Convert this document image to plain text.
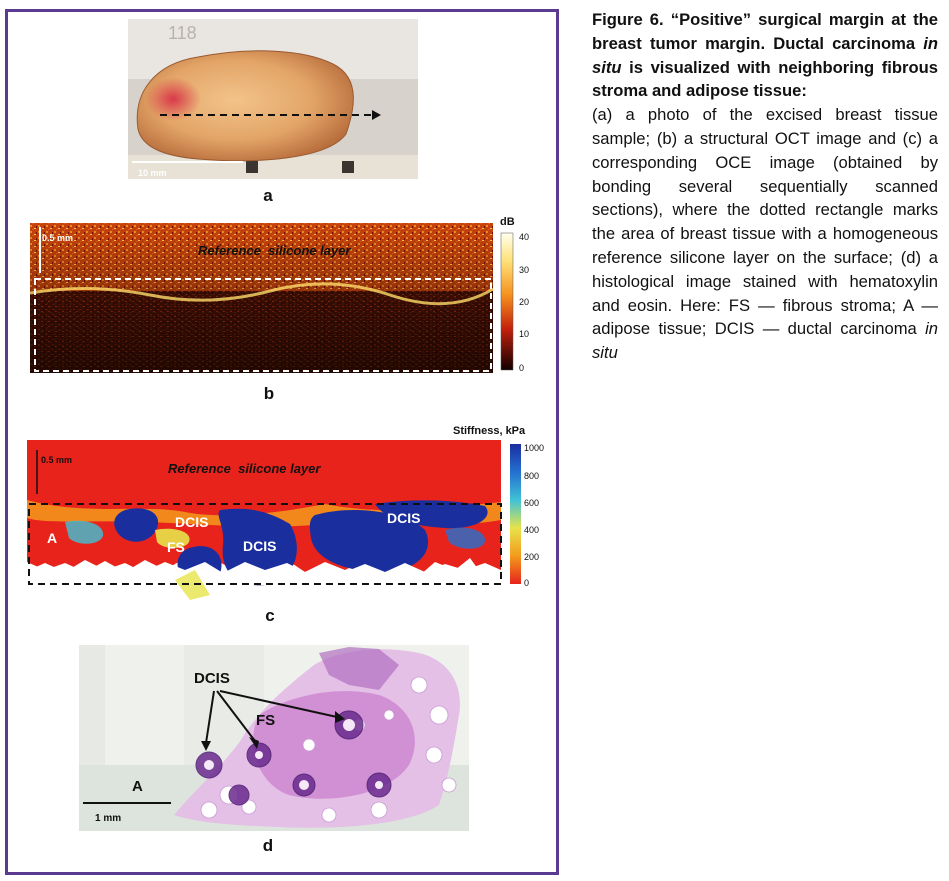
118
10 mm
a
0.5 mm
Reference  silicone layer
dB
40
30
20
10
0
b
0.5 mm
Reference  silicone layer
A
FS
DCIS
DCIS
DCIS
Stiffness, kPa
1000
800
600
400
200
0
c
DCIS
FS
A
1 mm
d

Figure 6. “Positive” surgical margin at the breast tumor margin. Ductal carcinoma in situ is visualized with neighboring fibrous stroma and adipose tissue:

(a) a photo of the excised breast tissue sample; (b) a structural OCT image and (c) a corresponding OCE image (obtained by bonding several sequentially scanned sections), where the dotted rectangle marks the area of breast tissue with a homogeneous reference silicone layer on the surface; (d) a histological image stained with hematoxylin and eosin. Here: FS — fibrous stroma; A — adipose tissue; DCIS — ductal carcinoma in situ
